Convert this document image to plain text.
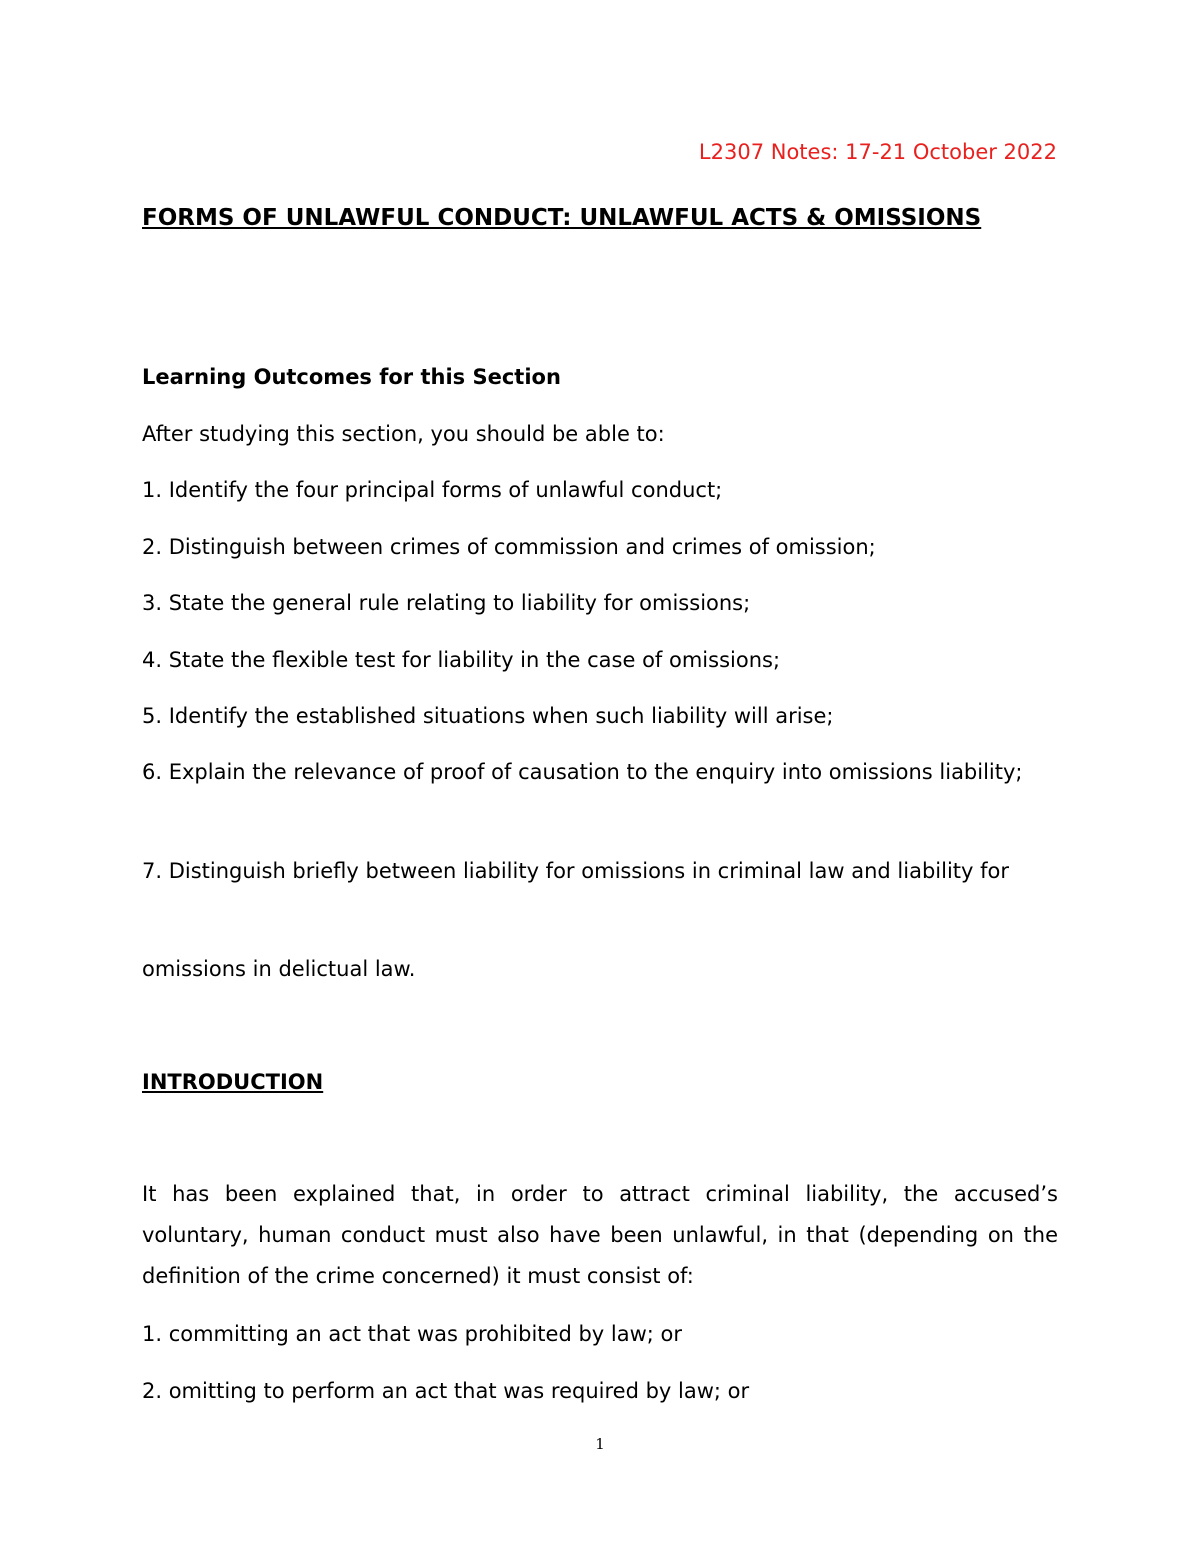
L2307 Notes: 17-21 October 2022

FORMS OF UNLAWFUL CONDUCT: UNLAWFUL ACTS & OMISSIONS

Learning Outcomes for this Section

After studying this section, you should be able to:

1. Identify the four principal forms of unlawful conduct;

2. Distinguish between crimes of commission and crimes of omission;

3. State the general rule relating to liability for omissions;

4. State the flexible test for liability in the case of omissions;

5. Identify the established situations when such liability will arise;

6. Explain the relevance of proof of causation to the enquiry into omissions liability;

7. Distinguish briefly between liability for omissions in criminal law and liability for

omissions in delictual law.

INTRODUCTION

It has been explained that, in order to attract criminal liability, the accused’s voluntary, human conduct must also have been unlawful, in that (depending on the definition of the crime concerned) it must consist of:

1. committing an act that was prohibited by law; or

2. omitting to perform an act that was required by law; or

1
